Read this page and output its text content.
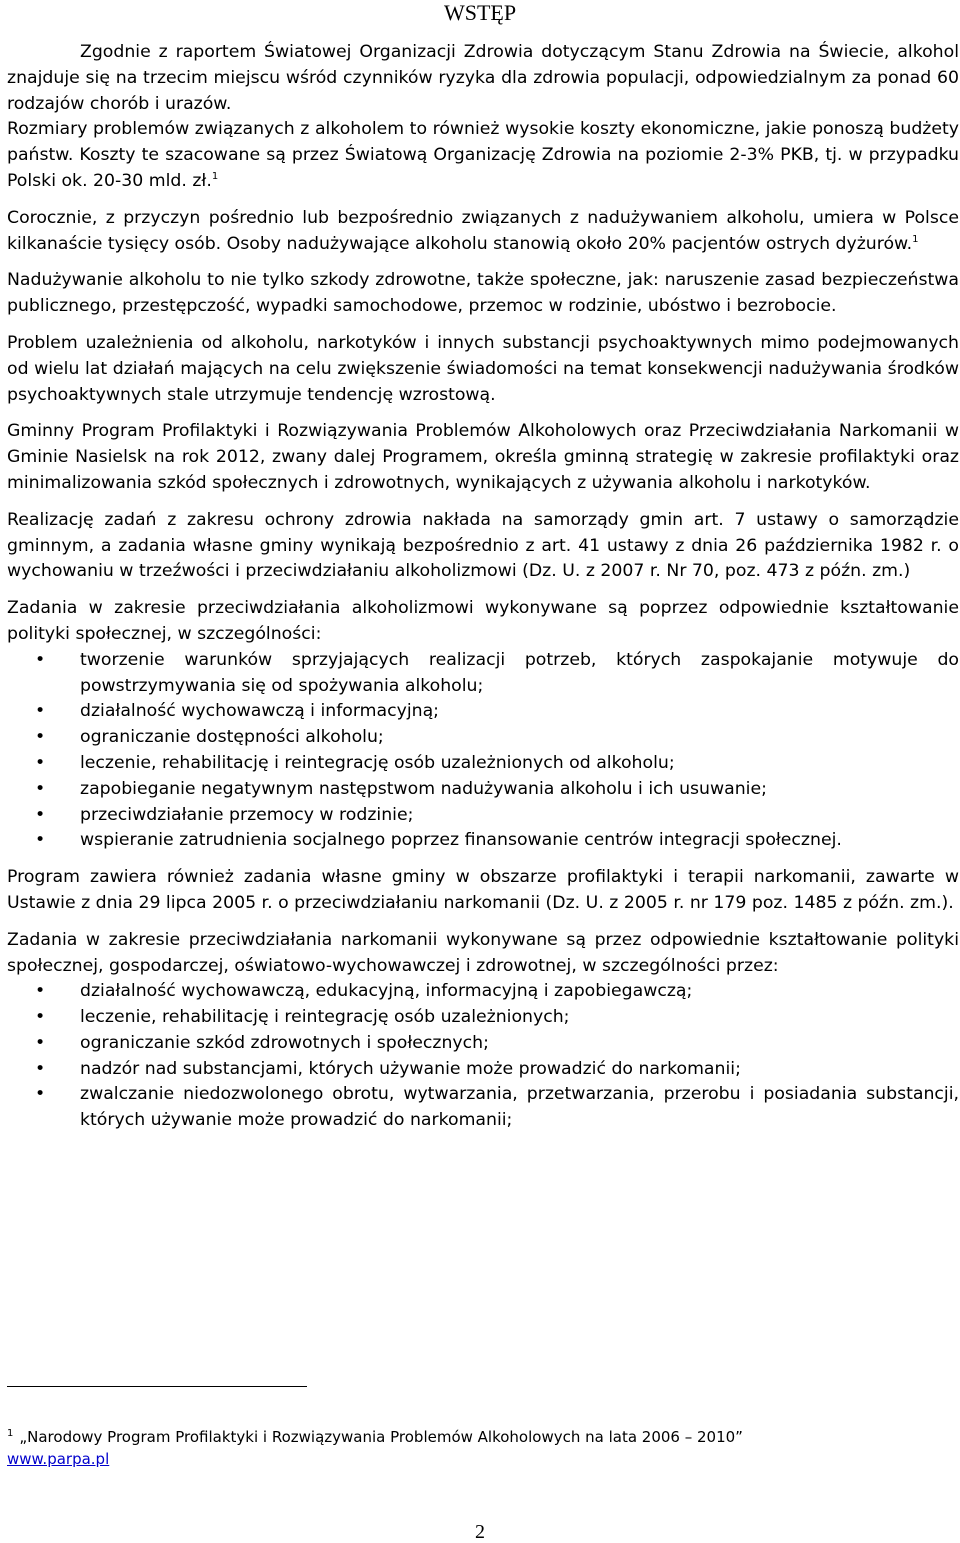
WSTĘP

Zgodnie z raportem Światowej Organizacji Zdrowia dotyczącym Stanu Zdrowia na Świecie, alkohol znajduje się na trzecim miejscu wśród czynników ryzyka dla zdrowia populacji, odpowiedzialnym za ponad 60 rodzajów chorób i urazów.

Rozmiary problemów związanych z alkoholem to również wysokie koszty ekonomiczne, jakie ponoszą budżety państw. Koszty te szacowane są przez Światową Organizację Zdrowia na poziomie 2-3% PKB, tj. w przypadku Polski ok. 20-30 mld. zł.$^1$

Corocznie, z przyczyn pośrednio lub bezpośrednio związanych z nadużywaniem alkoholu, umiera w Polsce kilkanaście tysięcy osób. Osoby nadużywające alkoholu stanowią około 20% pacjentów ostrych dyżurów.$^1$

Nadużywanie alkoholu to nie tylko szkody zdrowotne, także społeczne, jak: naruszenie zasad bezpieczeństwa publicznego, przestępczość, wypadki samochodowe, przemoc w rodzinie, ubóstwo i bezrobocie.

Problem uzależnienia od alkoholu, narkotyków i innych substancji psychoaktywnych mimo podejmowanych od wielu lat działań mających na celu zwiększenie świadomości na temat konsekwencji nadużywania środków psychoaktywnych stale utrzymuje tendencję wzrostową.

Gminny Program Profilaktyki i Rozwiązywania Problemów Alkoholowych oraz Przeciwdziałania Narkomanii w Gminie Nasielsk na rok 2012, zwany dalej Programem, określa gminną strategię w zakresie profilaktyki oraz minimalizowania szkód społecznych i zdrowotnych, wynikających z używania alkoholu i narkotyków.

Realizację zadań z zakresu ochrony zdrowia nakłada na samorządy gmin art. 7 ustawy o samorządzie gminnym, a zadania własne gminy wynikają bezpośrednio z art. 41 ustawy z dnia 26 października 1982 r. o wychowaniu w trzeźwości i przeciwdziałaniu alkoholizmowi (Dz. U. z 2007 r. Nr 70, poz. 473 z późn. zm.)

Zadania w zakresie przeciwdziałania alkoholizmowi wykonywane są poprzez odpowiednie kształtowanie polityki społecznej, w szczególności:

• tworzenie warunków sprzyjających realizacji potrzeb, których zaspokajanie motywuje do powstrzymywania się od spożywania alkoholu;
• działalność wychowawczą i informacyjną;
• ograniczanie dostępności alkoholu;
• leczenie, rehabilitację i reintegrację osób uzależnionych od alkoholu;
• zapobieganie negatywnym następstwom nadużywania alkoholu i ich usuwanie;
• przeciwdziałanie przemocy w rodzinie;
• wspieranie zatrudnienia socjalnego poprzez finansowanie centrów integracji społecznej.

Program zawiera również zadania własne gminy w obszarze profilaktyki i terapii narkomanii, zawarte w Ustawie z dnia 29 lipca 2005 r. o przeciwdziałaniu narkomanii (Dz. U. z 2005 r. nr 179 poz. 1485 z późn. zm.).

Zadania w zakresie przeciwdziałania narkomanii wykonywane są przez odpowiednie kształtowanie polityki społecznej, gospodarczej, oświatowo-wychowawczej i zdrowotnej, w szczególności przez:

• działalność wychowawczą, edukacyjną, informacyjną i zapobiegawczą;
• leczenie, rehabilitację i reintegrację osób uzależnionych;
• ograniczanie szkód zdrowotnych i społecznych;
• nadzór nad substancjami, których używanie może prowadzić do narkomanii;
• zwalczanie niedozwolonego obrotu, wytwarzania, przetwarzania, przerobu i posiadania substancji, których używanie może prowadzić do narkomanii;
$^1$ „Narodowy Program Profilaktyki i Rozwiązywania Problemów Alkoholowych na lata 2006 – 2010”
www.parpa.pl
2
